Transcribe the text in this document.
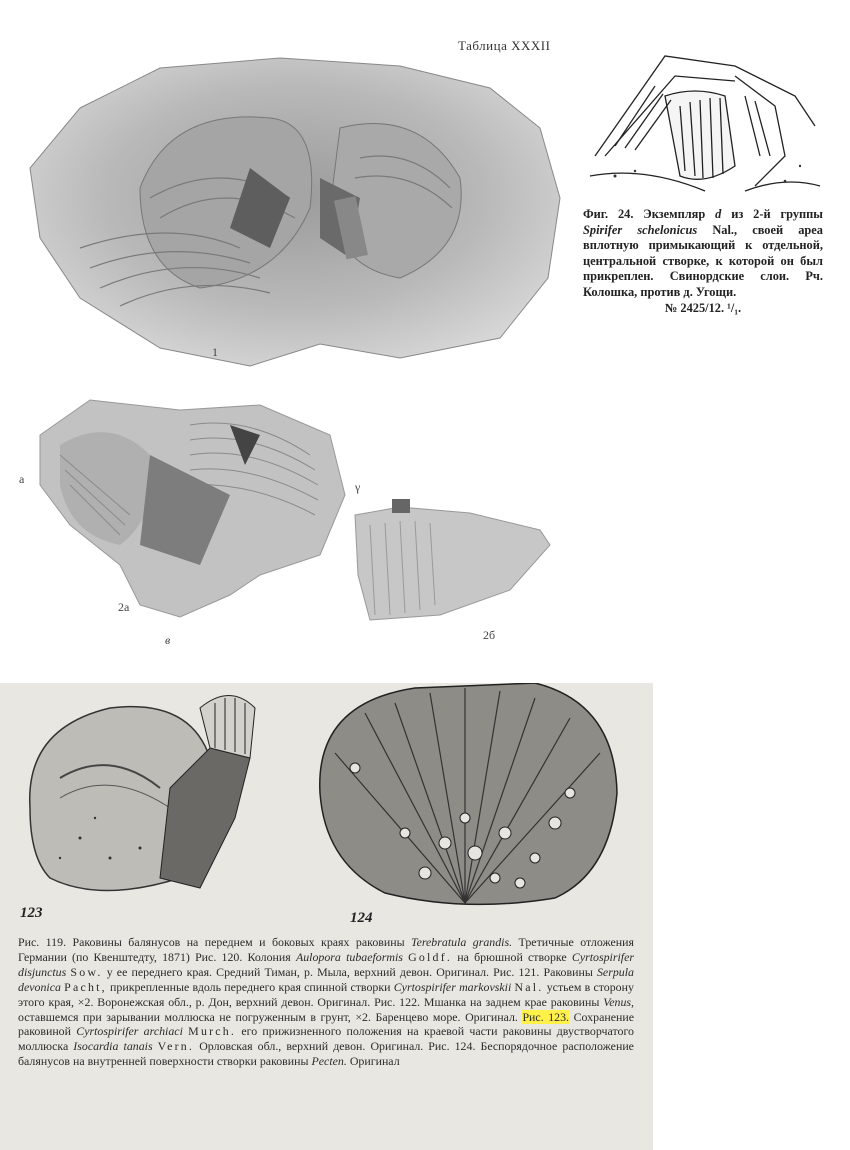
Таблица XXXII
1
Фиг. 24. Экземпляр d из 2-й группы Spirifer schelonicus Nal., своей ареа вплотную примыкающий к отдельной, центральной створке, к которой он был прикреплен. Свинордские слои. Рч. Колошка, против д. Угощи.
№ 2425/12. ¹/₁.
а
γ
2а
в	2б
123	124
Рис. 119. Раковины балянусов на переднем и боковых краях раковины Terebratula grandis. Третичные отложения Германии (по Квенштедту, 1871) Рис. 120. Колония Aulopora tubaeformis Goldf. на брюшной створке Cyrtospirifer disjunctus Sow. у ее переднего края. Средний Тиман, р. Мыла, верхний девон. Оригинал. Рис. 121. Раковины Serpula devonica Pacht, прикрепленные вдоль переднего края спинной створки Cyrtospirifer markovskii Nal. устьем в сторону этого края, ×2. Воронежская обл., р. Дон, верхний девон. Оригинал. Рис. 122. Мшанка на заднем крае раковины Venus, оставшемся при зарывании моллюска не погруженным в грунт, ×2. Баренцево море. Оригинал. Рис. 123. Сохранение раковиной Cyrtospirifer archiaci Murch. его прижизненного положения на краевой части раковины двустворчатого моллюска Isocardia tanais Vern. Орловская обл., верхний девон. Оригинал. Рис. 124. Беспорядочное расположение балянусов на внутренней поверхности створки раковины Pecten. Оригинал
